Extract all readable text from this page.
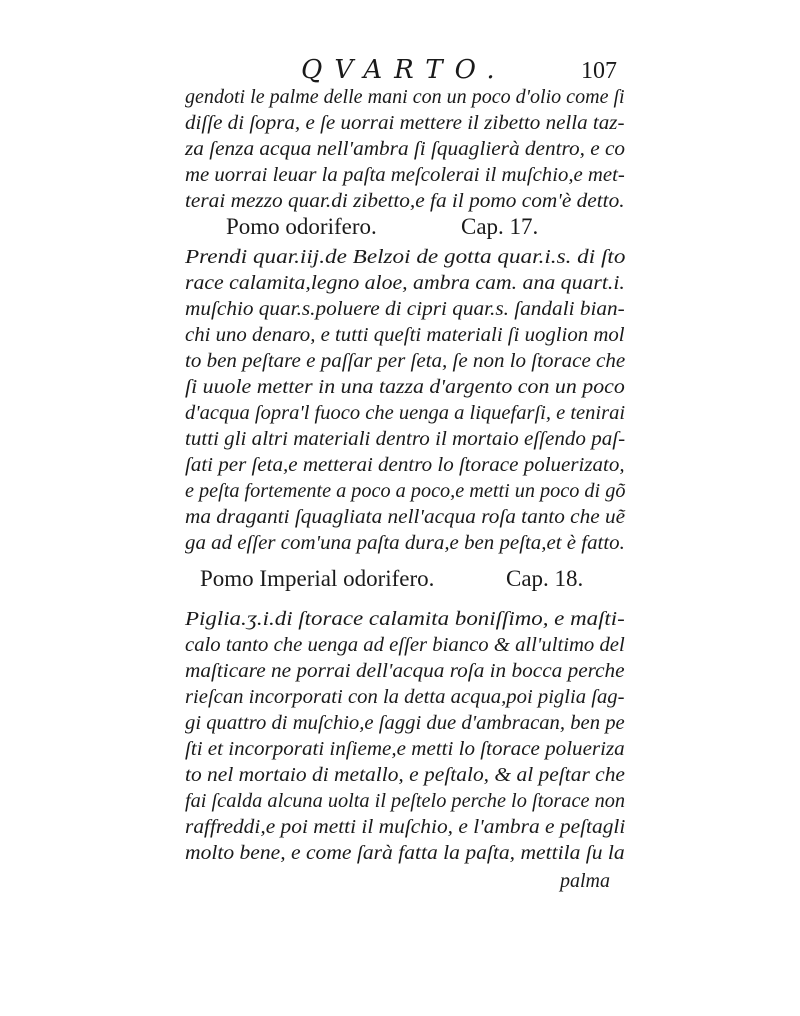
QVARTO.	107
gendoti le palme delle mani con un poco d'olio come ſi
diſſe di ſopra, e ſe uorrai mettere il zibetto nella taz-
za ſenza acqua nell'ambra ſi ſquaglierà dentro, e co
me uorrai leuar la paſta meſcolerai il muſchio,e met-
terai mezzo quar.di zibetto,e fa il pomo com'è detto.
Pomo odorifero.	Cap. 17.
Prendi quar.iij.de Belzoi de gotta quar.i.s. di ſto
race calamita,legno aloe, ambra cam. ana quart.i.
muſchio quar.s.poluere di cipri quar.s. ſandali bian-
chi uno denaro, e tutti queſti materiali ſi uoglion mol
to ben peſtare e paſſar per ſeta, ſe non lo ſtorace che
ſi uuole metter in una tazza d'argento con un poco
d'acqua ſopra'l fuoco che uenga a liquefarſi, e tenirai
tutti gli altri materiali dentro il mortaio eſſendo paſ-
ſati per ſeta,e metterai dentro lo ſtorace poluerizato,
e peſta fortemente a poco a poco,e metti un poco di gõ
ma draganti ſquagliata nell'acqua roſa tanto che uẽ
ga ad eſſer com'una paſta dura,e ben peſta,et è fatto.
Pomo Imperial odorifero.	Cap. 18.
Piglia.ʒ.i.di ſtorace calamita boniſſimo, e maſti-
calo tanto che uenga ad eſſer bianco & all'ultimo del
maſticare ne porrai dell'acqua roſa in bocca perche
rieſcan incorporati con la detta acqua,poi piglia ſag-
gi quattro di muſchio,e ſaggi due d'ambracan, ben pe
ſti et incorporati inſieme,e metti lo ſtorace poluerizа
to nel mortaio di metallo, e peſtalo, & al peſtar che
fai ſcalda alcuna uolta il peſtelo perche lo ſtorace non
raffreddi,e poi metti il muſchio, e l'ambra e peſtagli
molto bene, e come ſarà fatta la paſta, mettila ſu la
palma
